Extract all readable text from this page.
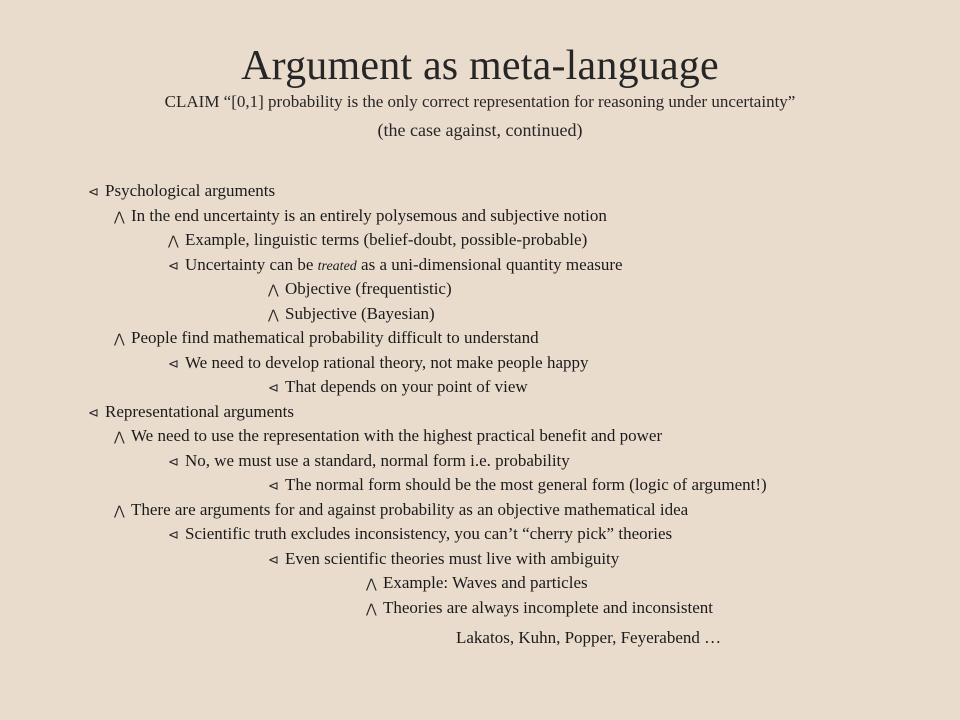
Argument as meta-language
CLAIM “[0,1] probability is the only correct representation for reasoning under uncertainty”
(the case against, continued)
⊲ Psychological arguments
⋀ In the end uncertainty is an entirely polysemous and subjective notion
⋀ Example, linguistic terms (belief-doubt, possible-probable)
⊲ Uncertainty can be treated as a uni-dimensional quantity measure
⋀ Objective (frequentistic)
⋀ Subjective (Bayesian)
⋀ People find mathematical probability difficult to understand
⊲ We need to develop rational theory, not make people happy
⊲ That depends on your point of view
⊲ Representational arguments
⋀ We need to use the representation with the highest practical benefit and power
⊲ No, we must use a standard, normal form i.e. probability
⊲ The normal form should be the most general form (logic of argument!)
⋀ There are arguments for and against probability as an objective mathematical idea
⊲ Scientific truth excludes inconsistency, you can’t “cherry pick” theories
⊲ Even scientific theories must live with ambiguity
⋀ Example: Waves and particles
⋀ Theories are always incomplete and inconsistent
Lakatos, Kuhn, Popper, Feyerabend …
